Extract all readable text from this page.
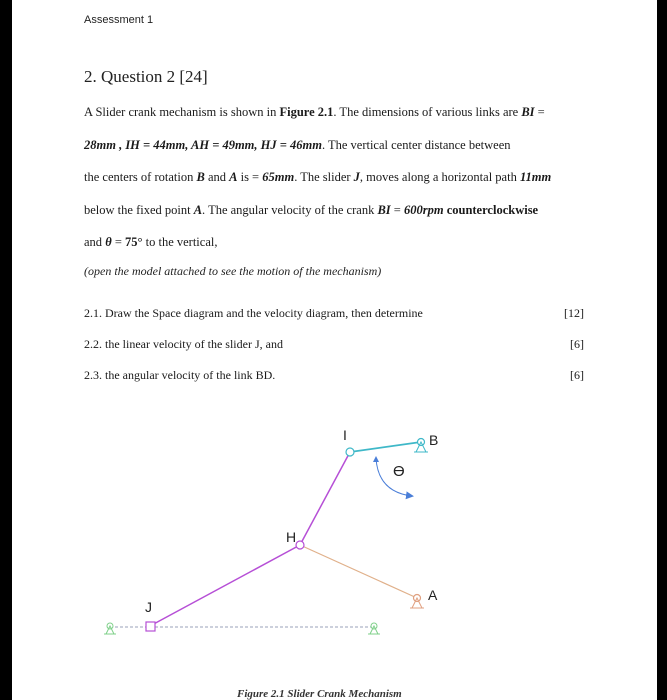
Assessment 1
2. Question 2 [24]

A Slider crank mechanism is shown in Figure 2.1. The dimensions of various links are BI =
28mm , IH = 44mm, AH = 49mm, HJ = 46mm. The vertical center distance between
the centers of rotation B and A is = 65mm. The slider J, moves along a horizontal path 11mm
below the fixed point A. The angular velocity of the crank BI = 600rpm counterclockwise
and θ = 75° to the vertical,

(open the model attached to see the motion of the mechanism)
2.1. Draw the Space diagram and the velocity diagram, then determine	[12]
2.2. the linear velocity of the slider J, and	[6]
2.3. the angular velocity of the link BD.	[6]
I	B
ϴ
H
A
J
Figure 2.1 Slider Crank Mechanism
